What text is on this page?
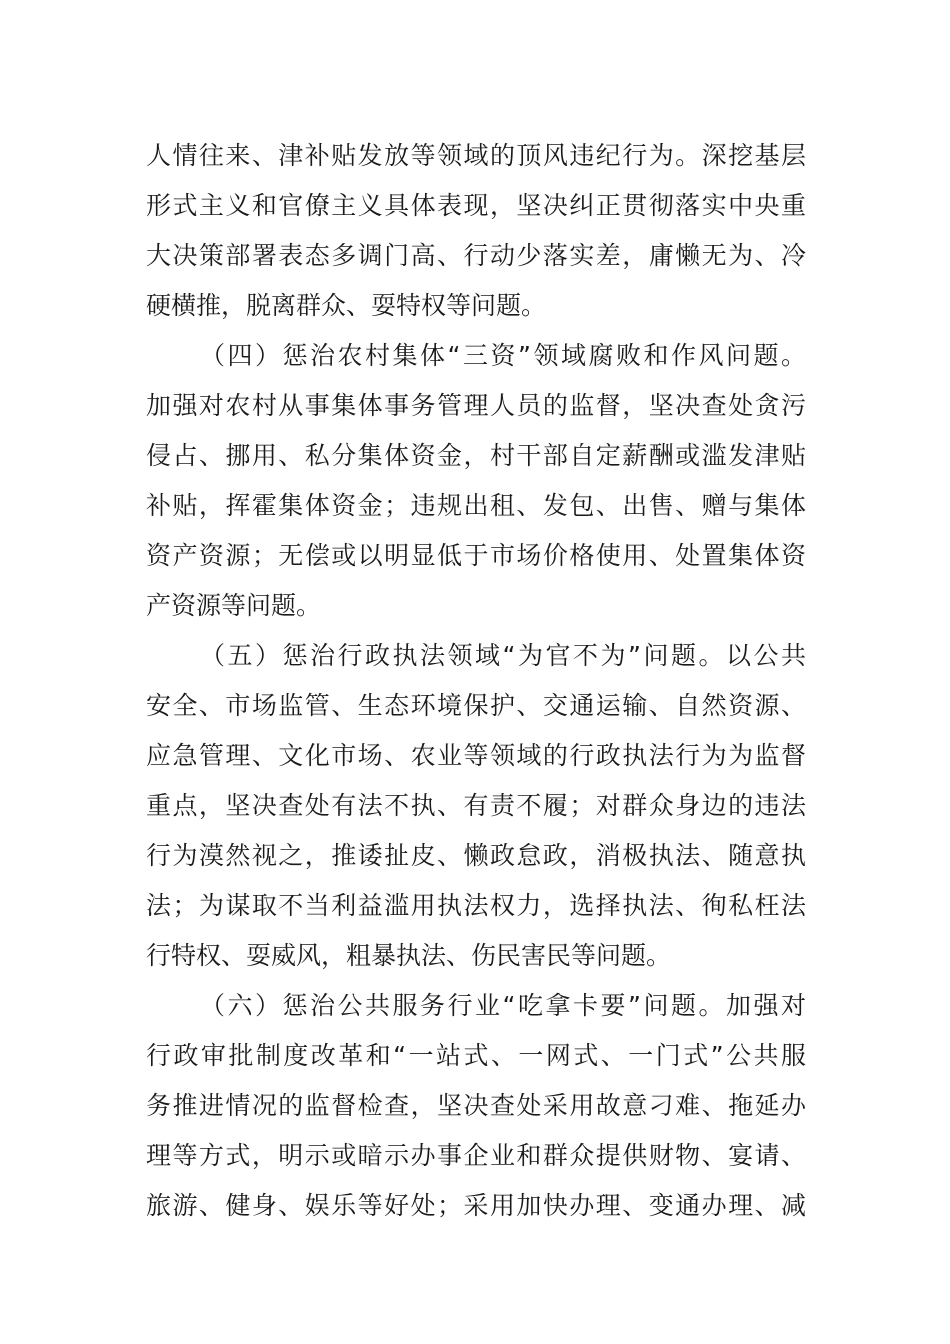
人情往来、津补贴发放等领域的顶风违纪行为。深挖基层
形式主义和官僚主义具体表现，坚决纠正贯彻落实中央重
大决策部署表态多调门高、行动少落实差，庸懒无为、冷
硬横推，脱离群众、耍特权等问题。
（四）惩治农村集体“三资”领域腐败和作风问题。
加强对农村从事集体事务管理人员的监督，坚决查处贪污
侵占、挪用、私分集体资金，村干部自定薪酬或滥发津贴
补贴，挥霍集体资金；违规出租、发包、出售、赠与集体
资产资源；无偿或以明显低于市场价格使用、处置集体资
产资源等问题。
（五）惩治行政执法领域“为官不为”问题。以公共
安全、市场监管、生态环境保护、交通运输、自然资源、
应急管理、文化市场、农业等领域的行政执法行为为监督
重点，坚决查处有法不执、有责不履；对群众身边的违法
行为漠然视之，推诿扯皮、懒政怠政，消极执法、随意执
法；为谋取不当利益滥用执法权力，选择执法、徇私枉法
行特权、耍威风，粗暴执法、伤民害民等问题。
（六）惩治公共服务行业“吃拿卡要”问题。加强对
行政审批制度改革和“一站式、一网式、一门式”公共服
务推进情况的监督检查，坚决查处采用故意刁难、拖延办
理等方式，明示或暗示办事企业和群众提供财物、宴请、
旅游、健身、娱乐等好处；采用加快办理、变通办理、减
